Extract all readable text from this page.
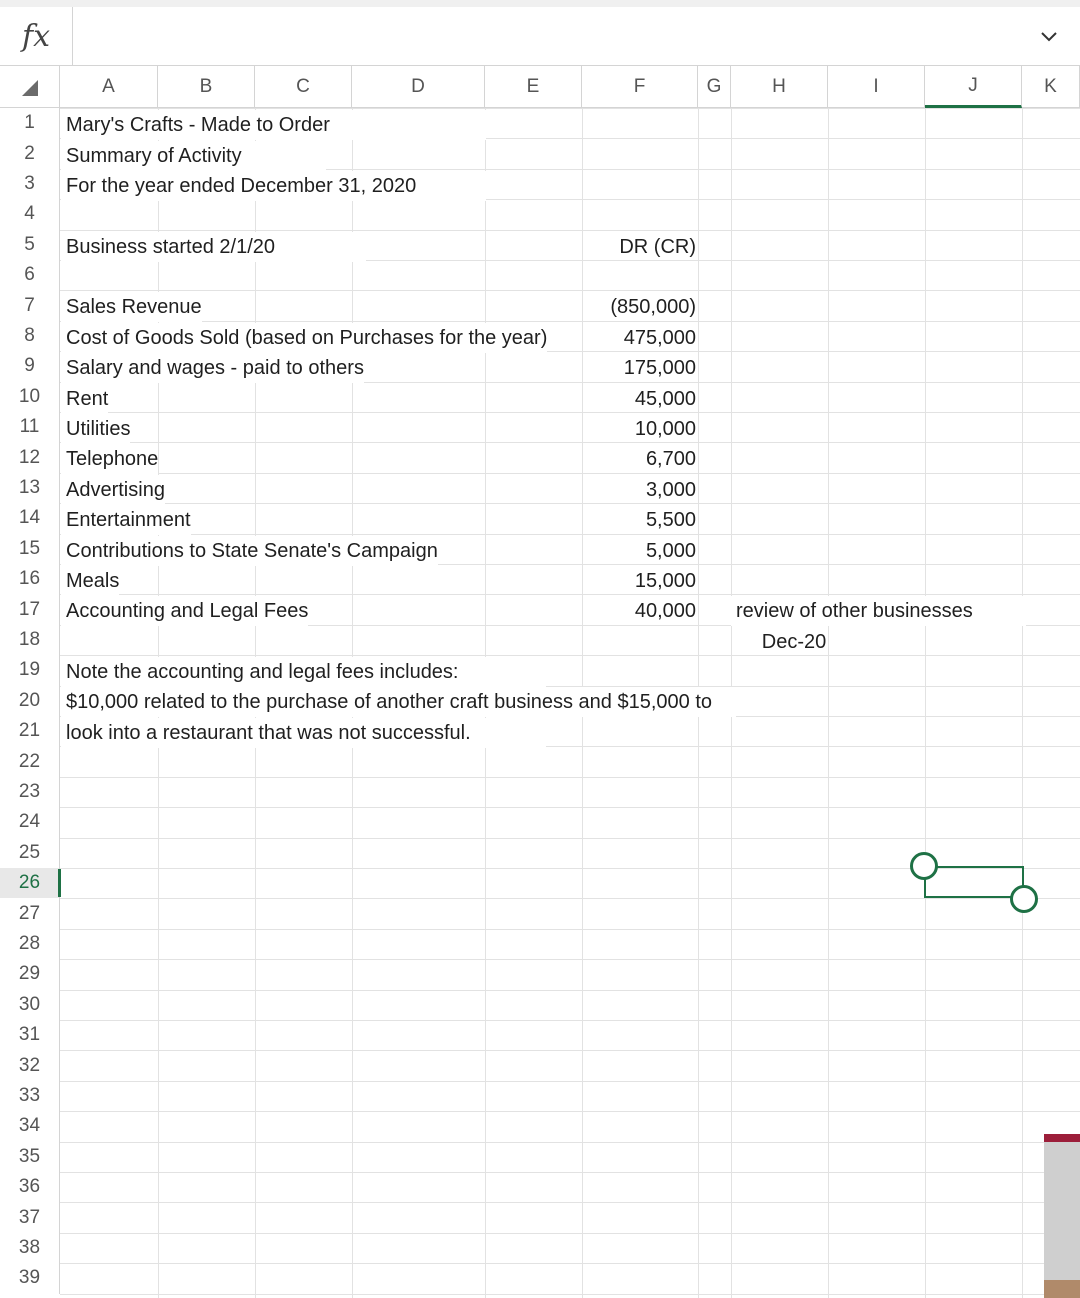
fx
A	B	C	D	E	F	G	H	I	J	K
1
2
3
4
5
6
7
8
9
10
11
12
13
14
15
16
17
18
19
20
21
22
23
24
25
26
27
28
29
30
31
32
33
34
35
36
37
38
39
Mary's Crafts - Made to Order
Summary of Activity
For the year ended December 31, 2020
Business started 2/1/20	DR (CR)
Sales Revenue	(850,000)
Cost of Goods Sold (based on Purchases for the year)	475,000
Salary and wages - paid to others	175,000
Rent	45,000
Utilities	10,000
Telephone	6,700
Advertising	3,000
Entertainment	5,500
Contributions to State Senate's Campaign	5,000
Meals	15,000
Accounting and Legal Fees	40,000 review of other businesses
Dec-20
Note the accounting and legal fees includes:
$10,000 related to the purchase of another craft business and $15,000 to
look into a restaurant that was not successful.
